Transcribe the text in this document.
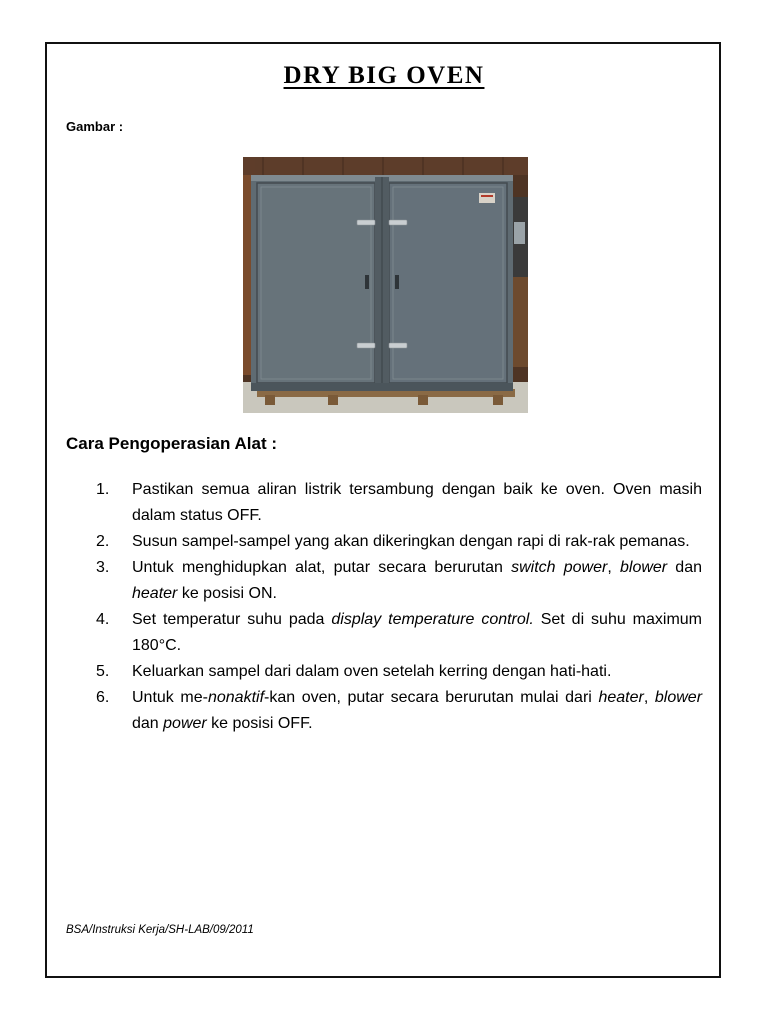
DRY BIG OVEN
Gambar :
Cara Pengoperasian Alat :
1. Pastikan semua aliran listrik tersambung dengan baik ke oven. Oven masih dalam status OFF.
2. Susun sampel-sampel yang akan dikeringkan dengan rapi di rak-rak pemanas.
3. Untuk menghidupkan alat, putar secara berurutan switch power, blower dan heater ke posisi ON.
4. Set temperatur suhu pada display temperature control. Set di suhu maximum 180°C.
5. Keluarkan sampel dari dalam oven setelah kerring dengan hati-hati.
6. Untuk me-nonaktif-kan oven, putar secara berurutan mulai dari heater, blower dan power ke posisi OFF.
BSA/Instruksi Kerja/SH-LAB/09/2011
